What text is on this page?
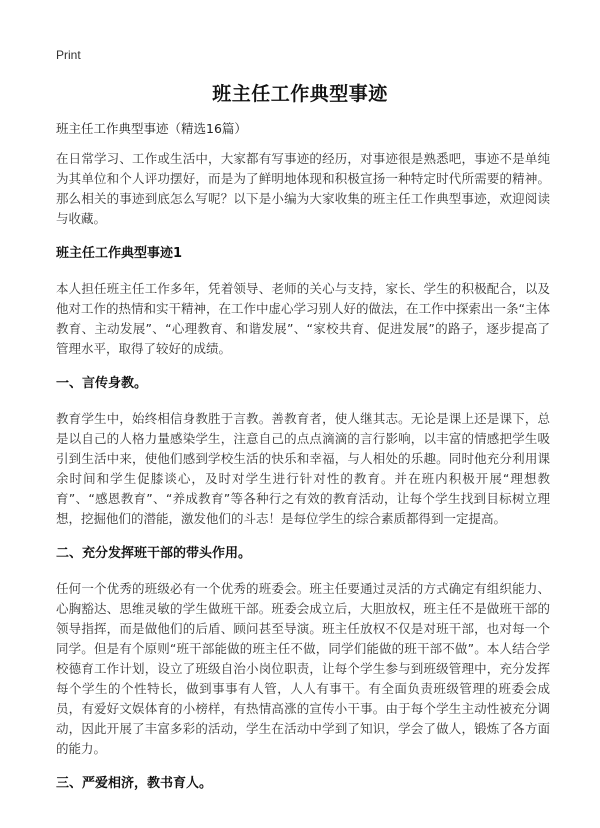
Print
班主任工作典型事迹

班主任工作典型事迹（精选16篇）

在日常学习、工作或生活中，大家都有写事迹的经历，对事迹很是熟悉吧，事迹不是单纯为其单位和个人评功摆好，而是为了鲜明地体现和积极宣扬一种特定时代所需要的精神。那么相关的事迹到底怎么写呢？以下是小编为大家收集的班主任工作典型事迹，欢迎阅读与收藏。

班主任工作典型事迹1

本人担任班主任工作多年，凭着领导、老师的关心与支持，家长、学生的积极配合，以及他对工作的热情和实干精神，在工作中虚心学习别人好的做法，在工作中探索出一条“主体教育、主动发展”、“心理教育、和谐发展”、“家校共育、促进发展”的路子，逐步提高了管理水平，取得了较好的成绩。

一、言传身教。

教育学生中，始终相信身教胜于言教。善教育者，使人继其志。无论是课上还是课下，总是以自己的人格力量感染学生，注意自己的点点滴滴的言行影响，以丰富的情感把学生吸引到生活中来，使他们感到学校生活的快乐和幸福，与人相处的乐趣。同时他充分利用课余时间和学生促膝谈心，及时对学生进行针对性的教育。并在班内积极开展“理想教育”、“感恩教育”、“养成教育”等各种行之有效的教育活动，让每个学生找到目标树立理想，挖掘他们的潜能，激发他们的斗志！是每位学生的综合素质都得到一定提高。

二、充分发挥班干部的带头作用。

任何一个优秀的班级必有一个优秀的班委会。班主任要通过灵活的方式确定有组织能力、心胸豁达、思维灵敏的学生做班干部。班委会成立后，大胆放权，班主任不是做班干部的领导指挥，而是做他们的后盾、顾问甚至导演。班主任放权不仅是对班干部，也对每一个同学。但是有个原则“班干部能做的班主任不做，同学们能做的班干部不做”。本人结合学校德育工作计划，设立了班级自治小岗位职责，让每个学生参与到班级管理中，充分发挥每个学生的个性特长，做到事事有人管，人人有事干。有全面负责班级管理的班委会成员，有爱好文娱体育的小榜样，有热情高涨的宣传小干事。由于每个学生主动性被充分调动，因此开展了丰富多彩的活动，学生在活动中学到了知识，学会了做人，锻炼了各方面的能力。

三、严爱相济，教书育人。
